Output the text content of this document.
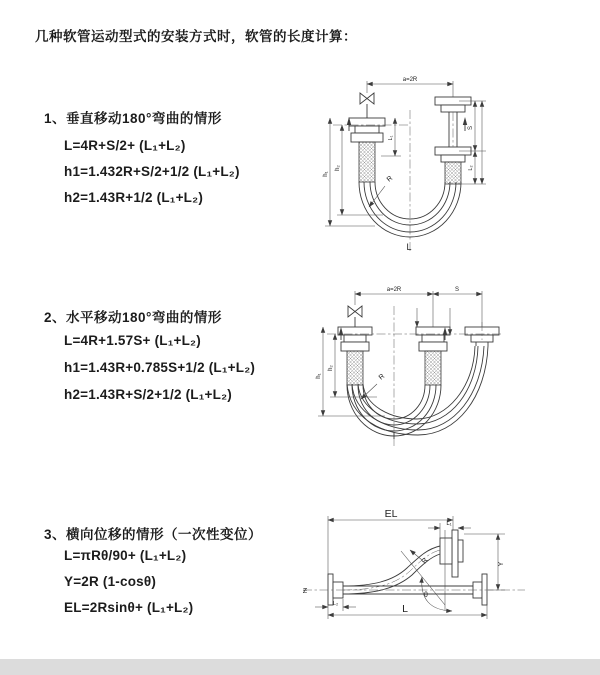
几种软管运动型式的安装方式时，软管的长度计算：
1、垂直移动180°弯曲的情形
L=4R+S/2+ (L₁+L₂)
h1=1.432R+S/2+1/2 (L₁+L₂)
h2=1.43R+1/2 (L₁+L₂)
2、水平移动180°弯曲的情形
L=4R+1.57S+ (L₁+L₂)
h1=1.43R+0.785S+1/2 (L₁+L₂)
h2=1.43R+S/2+1/2 (L₁+L₂)
3、横向位移的情形（一次性变位）
L=πRθ/90+ (L₁+L₂)
Y=2R (1-cosθ)
EL=2Rsinθ+ (L₁+L₂)
a=2R
h₁
h₂
L₁
S
L₂
R
L
a=2R	S
h₁
h₂
R
EL
L₁
Y
θ
R
L
L₂
Ƶ
